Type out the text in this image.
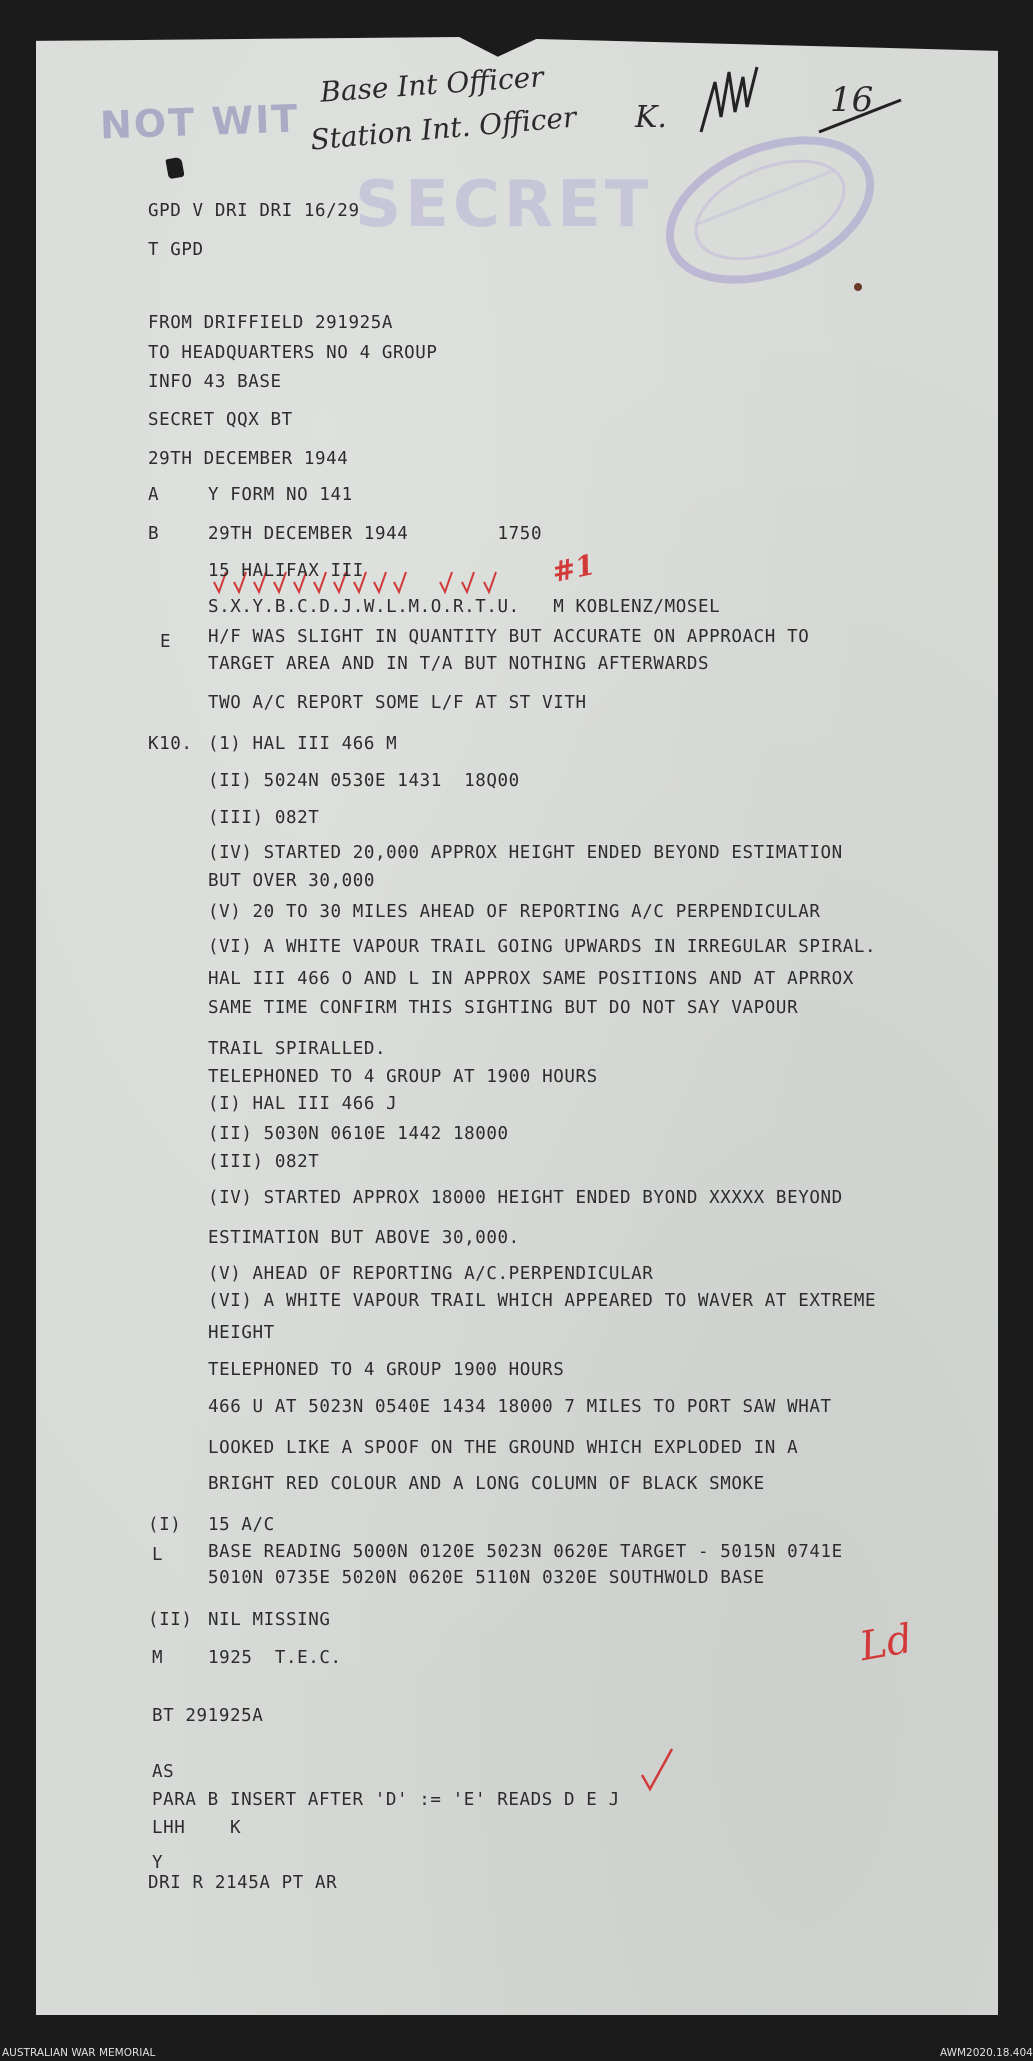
NOT WIT
SECRET
Base Int Officer
Station Int. Officer K.	16
#1
Ld
GPD V DRI DRI 16/29
T GPD
FROM DRIFFIELD 291925A
TO HEADQUARTERS NO 4 GROUP
INFO 43 BASE
SECRET QQX BT
29TH DECEMBER 1944
A	Y FORM NO 141
B	29TH DECEMBER 1944        1750
15 HALIFAX III
S.X.Y.B.C.D.J.W.L.M.O.R.T.U.   M KOBLENZ/MOSEL
E H/F WAS SLIGHT IN QUANTITY BUT ACCURATE ON APPROACH TO
TARGET AREA AND IN T/A BUT NOTHING AFTERWARDS
TWO A/C REPORT SOME L/F AT ST VITH
K10. (1) HAL III 466 M
(II) 5024N 0530E 1431  18Q00
(III) 082T
(IV) STARTED 20,000 APPROX HEIGHT ENDED BEYOND ESTIMATION
BUT OVER 30,000
(V) 20 TO 30 MILES AHEAD OF REPORTING A/C PERPENDICULAR
(VI) A WHITE VAPOUR TRAIL GOING UPWARDS IN IRREGULAR SPIRAL.
HAL III 466 O AND L IN APPROX SAME POSITIONS AND AT APRROX
SAME TIME CONFIRM THIS SIGHTING BUT DO NOT SAY VAPOUR
TRAIL SPIRALLED.
TELEPHONED TO 4 GROUP AT 1900 HOURS
(I) HAL III 466 J
(II) 5030N 0610E 1442 18000
(III) 082T
(IV) STARTED APPROX 18000 HEIGHT ENDED BYOND XXXXX BEYOND
ESTIMATION BUT ABOVE 30,000.
(V) AHEAD OF REPORTING A/C.PERPENDICULAR
(VI) A WHITE VAPOUR TRAIL WHICH APPEARED TO WAVER AT EXTREME
HEIGHT
TELEPHONED TO 4 GROUP 1900 HOURS
466 U AT 5023N 0540E 1434 18000 7 MILES TO PORT SAW WHAT
LOOKED LIKE A SPOOF ON THE GROUND WHICH EXPLODED IN A
BRIGHT RED COLOUR AND A LONG COLUMN OF BLACK SMOKE
(I) 15 A/C
L	BASE READING 5000N 0120E 5023N 0620E TARGET - 5015N 0741E
5010N 0735E 5020N 0620E 5110N 0320E SOUTHWOLD BASE
(II) NIL MISSING
M	1925  T.E.C.
BT 291925A
AS
PARA B INSERT AFTER 'D' := 'E' READS D E J
LHH    K
Y
DRI R 2145A PT AR
AUSTRALIAN WAR MEMORIAL	AWM2020.18.404
